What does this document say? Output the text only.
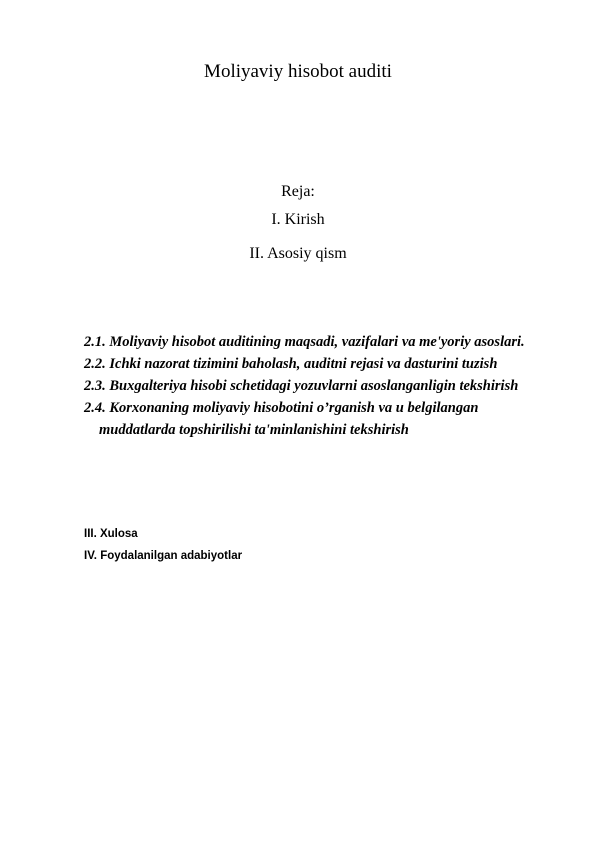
Moliyaviy hisobot auditi
Reja:
I. Kirish
II. Asosiy qism

2.1. Moliyaviy hisobot auditining maqsadi, vazifalari va me'yoriy asoslari.

2.2. Ichki nazorat tizimini baholash, auditni rejasi va dasturini tuzish

2.3. Buxgalteriya hisobi schetidagi yozuvlarni asoslanganligin tekshirish

2.4. Korxonaning moliyaviy hisobotini o’rganish va u belgilangan muddatlarda topshirilishi ta'minlanishini tekshirish

III. Xulosa
IV. Foydalanilgan adabiyotlar
